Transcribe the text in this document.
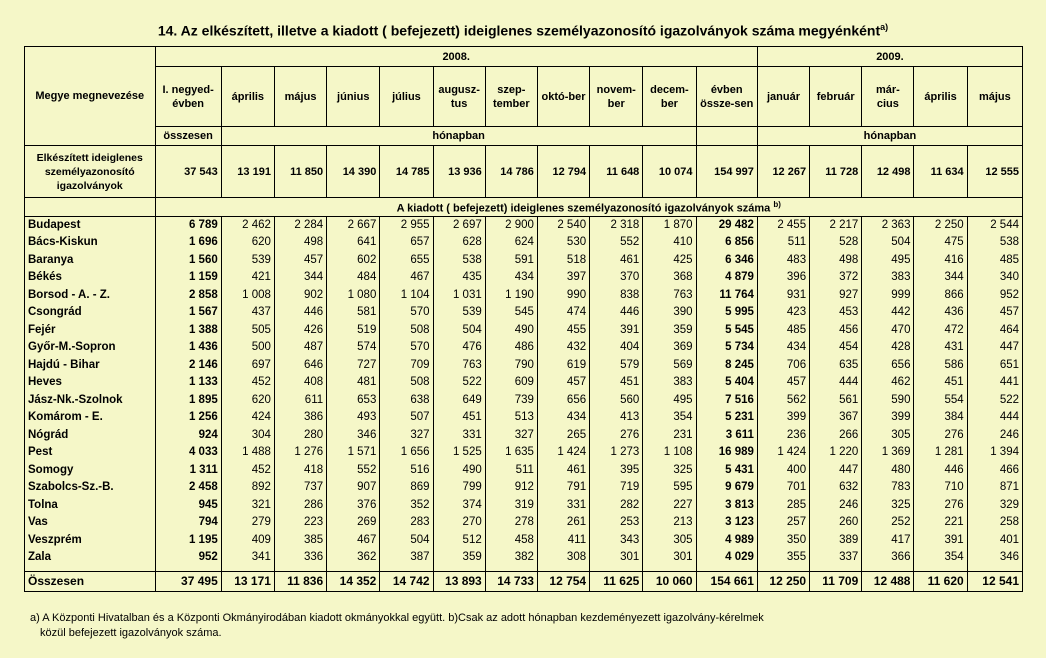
14. Az elkészített, illetve a kiadott ( befejezett) ideiglenes személyazonosító igazolványok száma megyénként$^{a)}$
Megye megnevezése	2008.											2009.				
	I. negyed-évben	április	május	június	július	augusz-tus	szep-tember	októ-ber	novem-ber	decem-ber	évben össze-sen	január	február	már-cius	április	május
	összesen	hónapban										hónapban				
Elkészített ideiglenes személyazonosító igazolványok	37 543	13 191	11 850	14 390	14 785	13 936	14 786	12 794	11 648	10 074	154 997	12 267	11 728	12 498	11 634	12 555
	A kiadott ( befejezett) ideiglenes személyazonosító igazolványok száma $^{b)}$
Budapest	6 789	2 462	2 284	2 667	2 955	2 697	2 900	2 540	2 318	1 870	29 482	2 455	2 217	2 363	2 250	2 544
Bács-Kiskun	1 696	620	498	641	657	628	624	530	552	410	6 856	511	528	504	475	538
Baranya	1 560	539	457	602	655	538	591	518	461	425	6 346	483	498	495	416	485
Békés	1 159	421	344	484	467	435	434	397	370	368	4 879	396	372	383	344	340
Borsod - A. - Z.	2 858	1 008	902	1 080	1 104	1 031	1 190	990	838	763	11 764	931	927	999	866	952
Csongrád	1 567	437	446	581	570	539	545	474	446	390	5 995	423	453	442	436	457
Fejér	1 388	505	426	519	508	504	490	455	391	359	5 545	485	456	470	472	464
Győr-M.-Sopron	1 436	500	487	574	570	476	486	432	404	369	5 734	434	454	428	431	447
Hajdú - Bihar	2 146	697	646	727	709	763	790	619	579	569	8 245	706	635	656	586	651
Heves	1 133	452	408	481	508	522	609	457	451	383	5 404	457	444	462	451	441
Jász-Nk.-Szolnok	1 895	620	611	653	638	649	739	656	560	495	7 516	562	561	590	554	522
Komárom - E.	1 256	424	386	493	507	451	513	434	413	354	5 231	399	367	399	384	444
Nógrád	924	304	280	346	327	331	327	265	276	231	3 611	236	266	305	276	246
Pest	4 033	1 488	1 276	1 571	1 656	1 525	1 635	1 424	1 273	1 108	16 989	1 424	1 220	1 369	1 281	1 394
Somogy	1 311	452	418	552	516	490	511	461	395	325	5 431	400	447	480	446	466
Szabolcs-Sz.-B.	2 458	892	737	907	869	799	912	791	719	595	9 679	701	632	783	710	871
Tolna	945	321	286	376	352	374	319	331	282	227	3 813	285	246	325	276	329
Vas	794	279	223	269	283	270	278	261	253	213	3 123	257	260	252	221	258
Veszprém	1 195	409	385	467	504	512	458	411	343	305	4 989	350	389	417	391	401
Zala	952	341	336	362	387	359	382	308	301	301	4 029	355	337	366	354	346

Összesen	37 495	13 171	11 836	14 352	14 742	13 893	14 733	12 754	11 625	10 060	154 661	12 250	11 709	12 488	11 620	12 541
a) A Központi Hivatalban és a Központi Okmányirodában kiadott okmányokkal együtt. b)Csak az adott hónapban kezdeményezett igazolvány-kérelmek
közül befejezett igazolványok száma.
